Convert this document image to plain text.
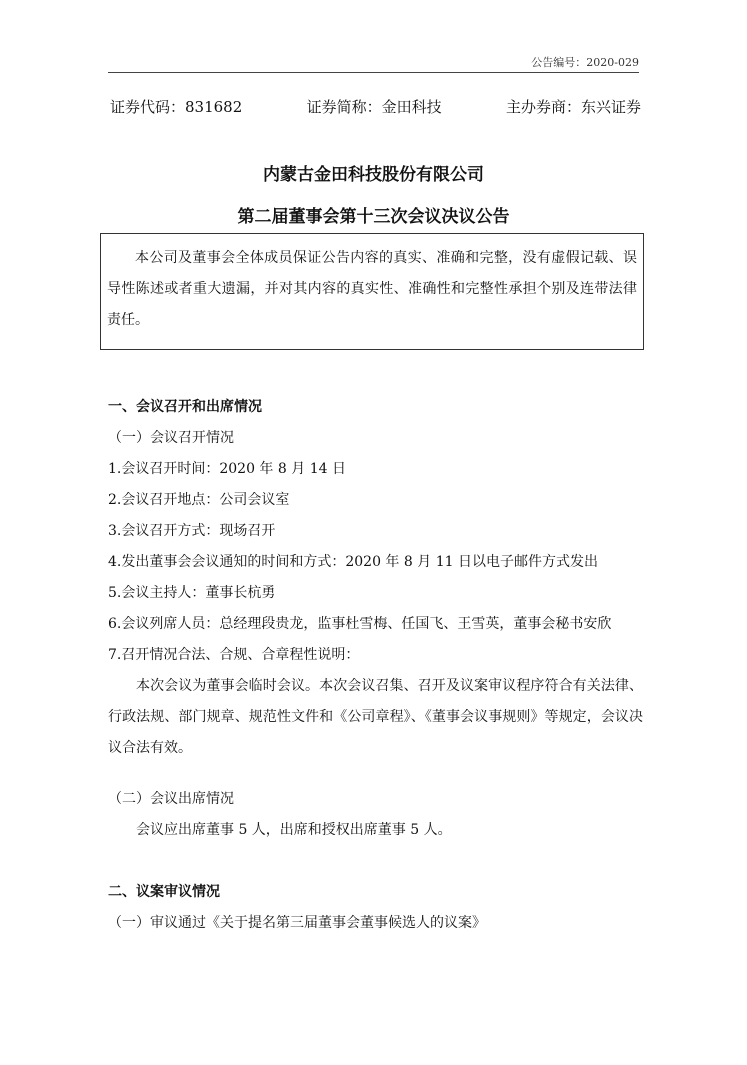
公告编号：2020-029
证券代码：831682	证券简称：金田科技	主办券商：东兴证券
内蒙古金田科技股份有限公司
第二届董事会第十三次会议决议公告
本公司及董事会全体成员保证公告内容的真实、准确和完整，没有虚假记载、误导性陈述或者重大遗漏，并对其内容的真实性、准确性和完整性承担个别及连带法律责任。
一、会议召开和出席情况
（一）会议召开情况
1.会议召开时间：2020 年 8 月 14 日
2.会议召开地点：公司会议室
3.会议召开方式：现场召开
4.发出董事会会议通知的时间和方式：2020 年 8 月 11 日以电子邮件方式发出
5.会议主持人：董事长杭勇
6.会议列席人员：总经理段贵龙，监事杜雪梅、任国飞、王雪英，董事会秘书安欣
7.召开情况合法、合规、合章程性说明：
本次会议为董事会临时会议。本次会议召集、召开及议案审议程序符合有关法律、行政法规、部门规章、规范性文件和《公司章程》、《董事会议事规则》等规定，会议决议合法有效。
（二）会议出席情况
会议应出席董事 5 人，出席和授权出席董事 5 人。
二、议案审议情况
（一）审议通过《关于提名第三届董事会董事候选人的议案》
